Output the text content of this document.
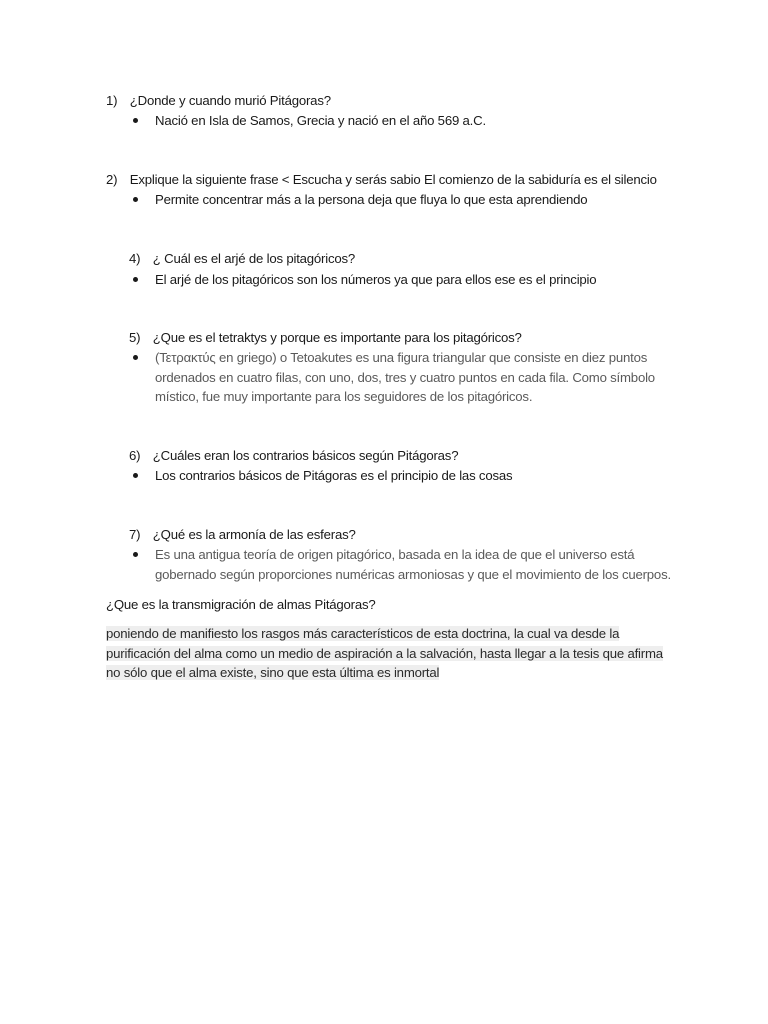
1) ¿Donde y cuando murió Pitágoras?
Nació en Isla de Samos, Grecia y nació en el año 569 a.C.
2) Explique la siguiente frase < Escucha y serás sabio El comienzo de la sabiduría es el silencio
Permite concentrar más a la persona deja que fluya lo que esta aprendiendo
4) ¿ Cuál es el arjé de los pitagóricos?
El arjé de los pitagóricos son los números ya que para ellos ese es el principio
5) ¿Que es el tetraktys y porque es importante para los pitagóricos?
(Τετρακτύς en griego) o Tetoakutes es una figura triangular que consiste en diez puntos
ordenados en cuatro filas, con uno, dos, tres y cuatro puntos en cada fila. Como símbolo
místico, fue muy importante para los seguidores de los pitagóricos.
6) ¿Cuáles eran los contrarios básicos según Pitágoras?
Los contrarios básicos de Pitágoras es el principio de las cosas
7) ¿Qué es la armonía de las esferas?
Es una antigua teoría de origen pitagórico, basada en la idea de que el universo está
gobernado según proporciones numéricas armoniosas y que el movimiento de los cuerpos.
¿Que es la transmigración de almas Pitágoras?
poniendo de manifiesto los rasgos más característicos de esta doctrina, la cual va desde la
purificación del alma como un medio de aspiración a la salvación, hasta llegar a la tesis que afirma
no sólo que el alma existe, sino que esta última es inmortal
